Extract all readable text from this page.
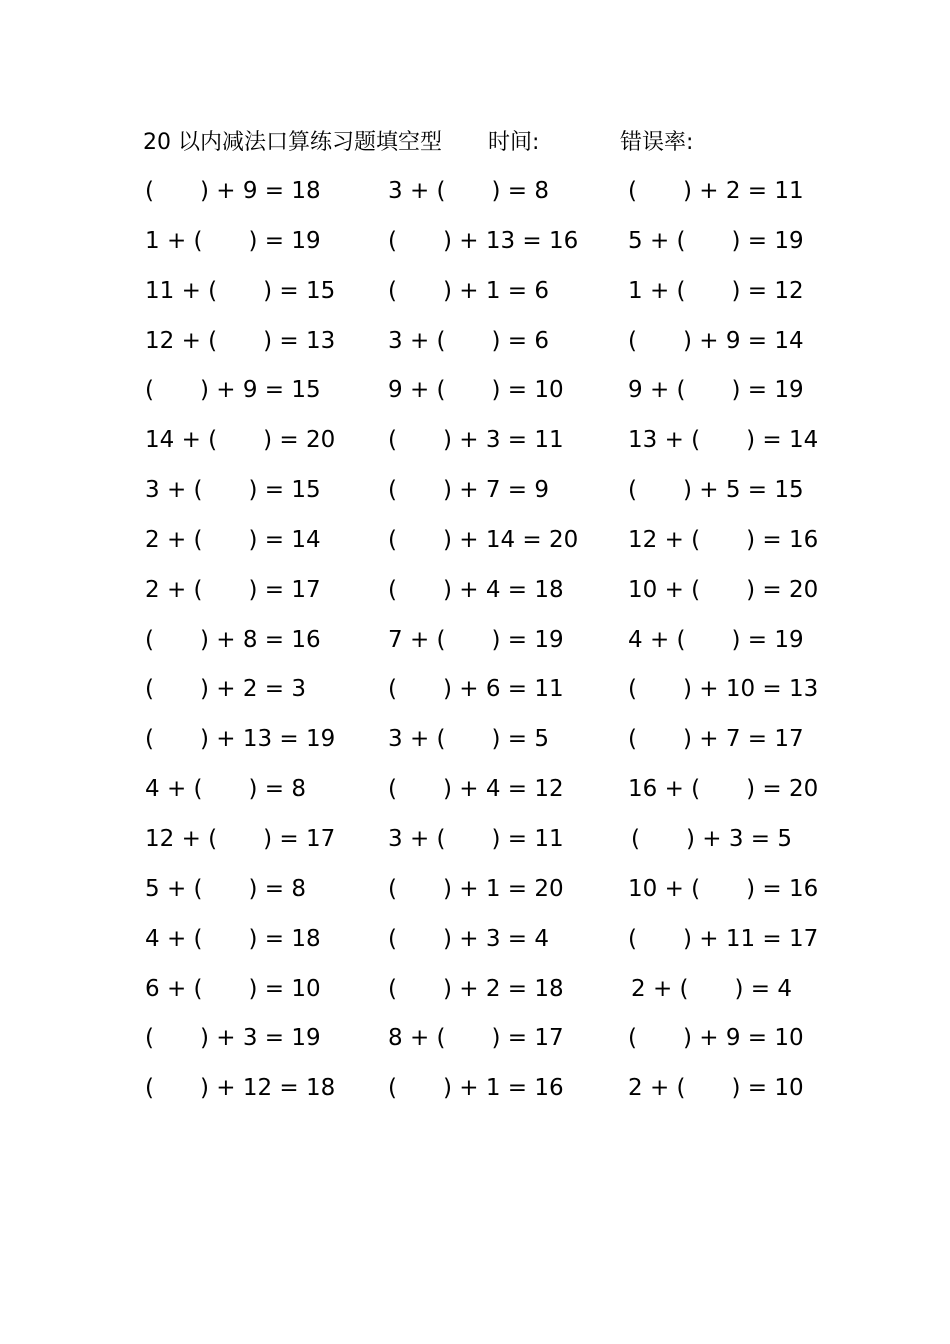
20 以内减法口算练习题填空型 时间:	错误率:
(　　) + 9 = 18
1 + (　　) = 19
11 + (　　) = 15
12 + (　　) = 13
(　　) + 9 = 15
14 + (　　) = 20
3 + (　　) = 15
2 + (　　) = 14
2 + (　　) = 17
(　　) + 8 = 16
(　　) + 2 = 3
(　　) + 13 = 19
4 + (　　) = 8
12 + (　　) = 17
5 + (　　) = 8
4 + (　　) = 18
6 + (　　) = 10
(　　) + 3 = 19
(　　) + 12 = 18
3 + (　　) = 8
(　　) + 13 = 16
(　　) + 1 = 6
3 + (　　) = 6
9 + (　　) = 10
(　　) + 3 = 11
(　　) + 7 = 9
(　　) + 14 = 20
(　　) + 4 = 18
7 + (　　) = 19
(　　) + 6 = 11
3 + (　　) = 5
(　　) + 4 = 12
3 + (　　) = 11
(　　) + 1 = 20
(　　) + 3 = 4
(　　) + 2 = 18
8 + (　　) = 17
(　　) + 1 = 16
(　　) + 2 = 11
5 + (　　) = 19
1 + (　　) = 12
(　　) + 9 = 14
9 + (　　) = 19
13 + (　　) = 14
(　　) + 5 = 15
12 + (　　) = 16
10 + (　　) = 20
4 + (　　) = 19
(　　) + 10 = 13
(　　) + 7 = 17
16 + (　　) = 20
(　　) + 3 = 5
10 + (　　) = 16
(　　) + 11 = 17
2 + (　　) = 4
(　　) + 9 = 10
2 + (　　) = 10
